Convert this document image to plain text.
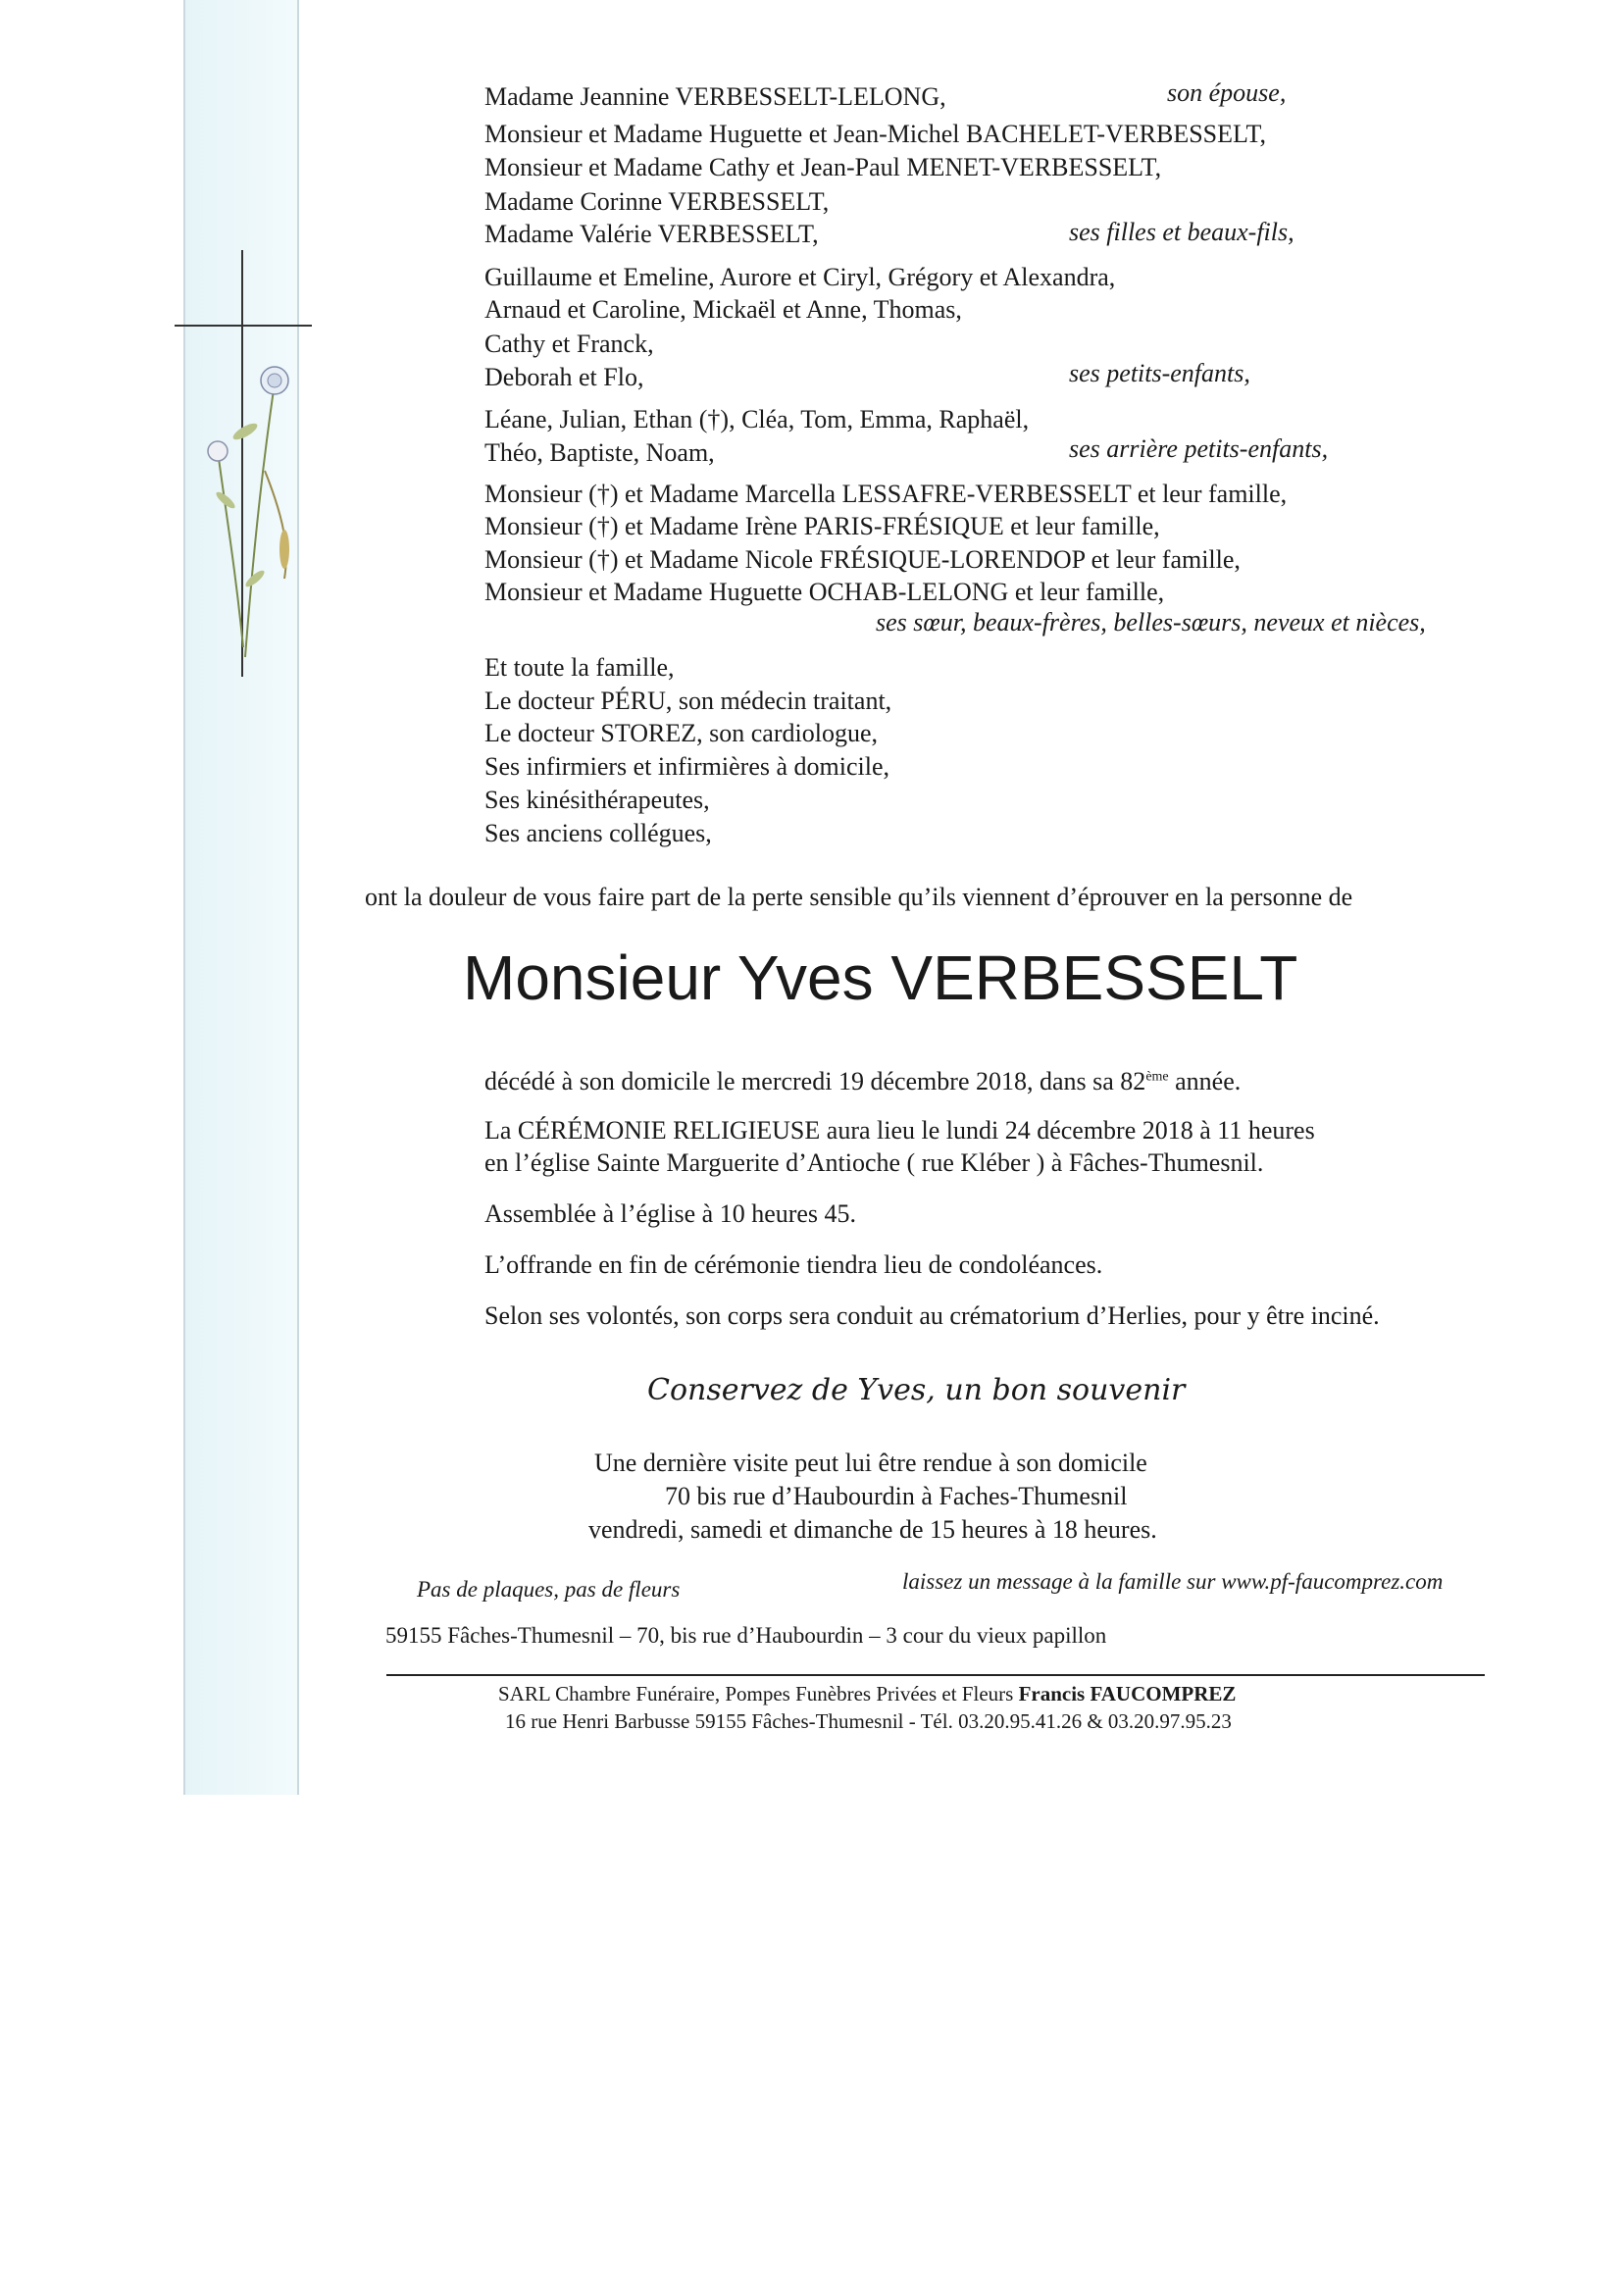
Madame Jeannine VERBESSELT-LELONG,
Monsieur et Madame Huguette et Jean-Michel BACHELET-VERBESSELT,
Monsieur et Madame Cathy et Jean-Paul MENET-VERBESSELT,
Madame Corinne VERBESSELT,
Madame Valérie VERBESSELT,
Guillaume et Emeline, Aurore et Ciryl, Grégory et Alexandra,
Arnaud et Caroline, Mickaël et Anne, Thomas,
Cathy et Franck,
Deborah et Flo,
Léane, Julian, Ethan (†), Cléa, Tom, Emma, Raphaël,
Théo, Baptiste, Noam,
Monsieur (†) et Madame Marcella LESSAFRE-VERBESSELT et leur famille,
Monsieur (†) et Madame Irène PARIS-FRÉSIQUE et leur famille,
Monsieur (†) et Madame Nicole FRÉSIQUE-LORENDOP et leur famille,
Monsieur et Madame Huguette OCHAB-LELONG et leur famille,
Et toute la famille,
Le docteur PÉRU, son médecin traitant,
Le docteur STOREZ, son cardiologue,
Ses infirmiers et infirmières à domicile,
Ses kinésithérapeutes,
Ses anciens collégues,
son épouse,
ses filles et beaux-fils,
ses petits-enfants,
ses arrière petits-enfants,
ses sœur, beaux-frères, belles-sœurs, neveux et nièces,
ont la douleur de vous faire part de la perte sensible qu’ils viennent d’éprouver en la personne de
Monsieur Yves VERBESSELT
décédé à son domicile le mercredi 19 décembre 2018, dans sa 82ème année.
La CÉRÉMONIE RELIGIEUSE aura lieu le lundi 24 décembre 2018 à 11 heures
en l’église Sainte Marguerite d’Antioche ( rue Kléber ) à Fâches-Thumesnil.
Assemblée à l’église à 10 heures 45.
L’offrande en fin de cérémonie tiendra lieu de condoléances.
Selon ses volontés, son corps sera conduit au crématorium d’Herlies, pour y être inciné.
Conservez de Yves, un bon souvenir
Une dernière visite peut lui être rendue à son domicile
70 bis rue d’Haubourdin à Faches-Thumesnil
vendredi, samedi et dimanche de 15 heures à 18 heures.
Pas de plaques, pas de fleurs	laissez un message à la famille sur www.pf-faucomprez.com
59155 Fâches-Thumesnil – 70, bis rue d’Haubourdin – 3 cour du vieux papillon
SARL Chambre Funéraire, Pompes Funèbres Privées et Fleurs Francis FAUCOMPREZ
16 rue Henri Barbusse 59155 Fâches-Thumesnil - Tél. 03.20.95.41.26 & 03.20.97.95.23
